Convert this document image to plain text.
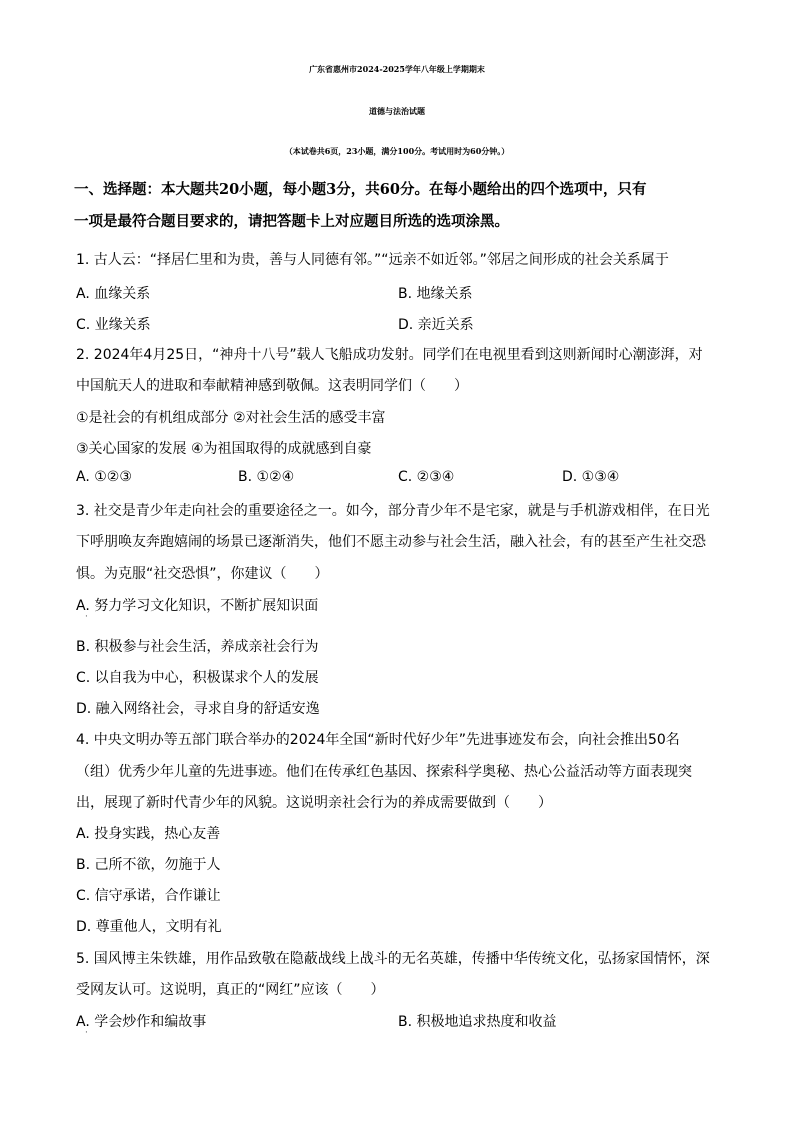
广东省惠州市2024-2025学年八年级上学期期末
道德与法治试题
（本试卷共6页，23小题，满分100分。考试用时为60分钟。）
一、选择题：本大题共20小题，每小题3分，共60分。在每小题给出的四个选项中，只有
一项是最符合题目要求的，请把答题卡上对应题目所选的选项涂黑。
1. 古人云：“择居仁里和为贵，善与人同德有邻。”“远亲不如近邻。”邻居之间形成的社会关系属于
A. 血缘关系	B. 地缘关系
C. 业缘关系	D. 亲近关系
2. 2024年4月25日，“神舟十八号”载人飞船成功发射。同学们在电视里看到这则新闻时心潮澎湃，对
中国航天人的进取和奉献精神感到敬佩。这表明同学们（　　）
①是社会的有机组成部分 ②对社会生活的感受丰富
③关心国家的发展 ④为祖国取得的成就感到自豪
A. ①②③	B. ①②④	C. ②③④	D. ①③④
3. 社交是青少年走向社会的重要途径之一。如今，部分青少年不是宅家，就是与手机游戏相伴，在日光
下呼朋唤友奔跑嬉闹的场景已逐渐消失，他们不愿主动参与社会生活，融入社会，有的甚至产生社交恐
惧。为克服“社交恐惧”，你建议（　　）
A. 努力学习文化知识，不断扩展知识面
·
B. 积极参与社会生活，养成亲社会行为
C. 以自我为中心，积极谋求个人的发展
D. 融入网络社会，寻求自身的舒适安逸
4. 中央文明办等五部门联合举办的2024年全国“新时代好少年”先进事迹发布会，向社会推出50名
（组）优秀少年儿童的先进事迹。他们在传承红色基因、探索科学奥秘、热心公益活动等方面表现突
出，展现了新时代青少年的风貌。这说明亲社会行为的养成需要做到（　　）
A. 投身实践，热心友善
B. 己所不欲，勿施于人
C. 信守承诺，合作谦让
D. 尊重他人，文明有礼
5. 国风博主朱铁雄，用作品致敬在隐蔽战线上战斗的无名英雄，传播中华传统文化，弘扬家国情怀，深
受网友认可。这说明，真正的“网红”应该（　　）
A. 学会炒作和编故事	B. 积极地追求热度和收益
·
